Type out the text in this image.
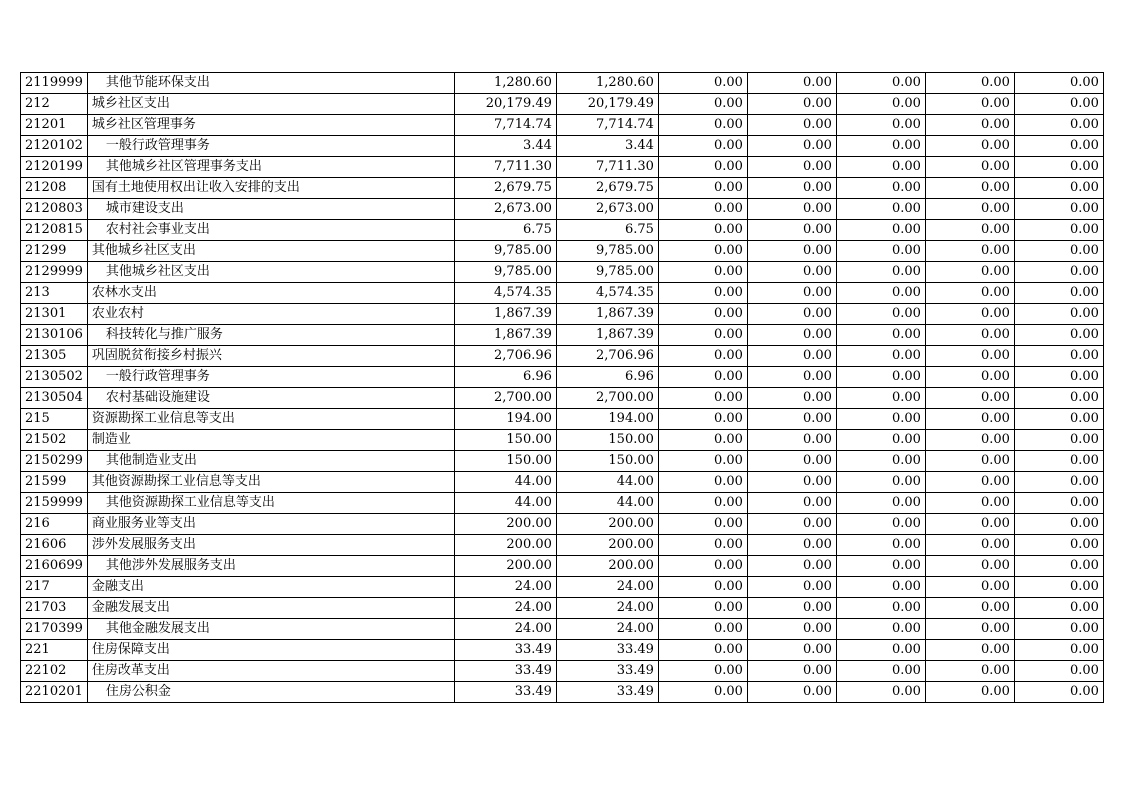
2119999	其他节能环保支出	1,280.60	1,280.60	0.00	0.00	0.00	0.00	0.00
212	城乡社区支出	20,179.49	20,179.49	0.00	0.00	0.00	0.00	0.00
21201	城乡社区管理事务	7,714.74	7,714.74	0.00	0.00	0.00	0.00	0.00
2120102	一般行政管理事务	3.44	3.44	0.00	0.00	0.00	0.00	0.00
2120199	其他城乡社区管理事务支出	7,711.30	7,711.30	0.00	0.00	0.00	0.00	0.00
21208	国有土地使用权出让收入安排的支出	2,679.75	2,679.75	0.00	0.00	0.00	0.00	0.00
2120803	城市建设支出	2,673.00	2,673.00	0.00	0.00	0.00	0.00	0.00
2120815	农村社会事业支出	6.75	6.75	0.00	0.00	0.00	0.00	0.00
21299	其他城乡社区支出	9,785.00	9,785.00	0.00	0.00	0.00	0.00	0.00
2129999	其他城乡社区支出	9,785.00	9,785.00	0.00	0.00	0.00	0.00	0.00
213	农林水支出	4,574.35	4,574.35	0.00	0.00	0.00	0.00	0.00
21301	农业农村	1,867.39	1,867.39	0.00	0.00	0.00	0.00	0.00
2130106	科技转化与推广服务	1,867.39	1,867.39	0.00	0.00	0.00	0.00	0.00
21305	巩固脱贫衔接乡村振兴	2,706.96	2,706.96	0.00	0.00	0.00	0.00	0.00
2130502	一般行政管理事务	6.96	6.96	0.00	0.00	0.00	0.00	0.00
2130504	农村基础设施建设	2,700.00	2,700.00	0.00	0.00	0.00	0.00	0.00
215	资源勘探工业信息等支出	194.00	194.00	0.00	0.00	0.00	0.00	0.00
21502	制造业	150.00	150.00	0.00	0.00	0.00	0.00	0.00
2150299	其他制造业支出	150.00	150.00	0.00	0.00	0.00	0.00	0.00
21599	其他资源勘探工业信息等支出	44.00	44.00	0.00	0.00	0.00	0.00	0.00
2159999	其他资源勘探工业信息等支出	44.00	44.00	0.00	0.00	0.00	0.00	0.00
216	商业服务业等支出	200.00	200.00	0.00	0.00	0.00	0.00	0.00
21606	涉外发展服务支出	200.00	200.00	0.00	0.00	0.00	0.00	0.00
2160699	其他涉外发展服务支出	200.00	200.00	0.00	0.00	0.00	0.00	0.00
217	金融支出	24.00	24.00	0.00	0.00	0.00	0.00	0.00
21703	金融发展支出	24.00	24.00	0.00	0.00	0.00	0.00	0.00
2170399	其他金融发展支出	24.00	24.00	0.00	0.00	0.00	0.00	0.00
221	住房保障支出	33.49	33.49	0.00	0.00	0.00	0.00	0.00
22102	住房改革支出	33.49	33.49	0.00	0.00	0.00	0.00	0.00
2210201	住房公积金	33.49	33.49	0.00	0.00	0.00	0.00	0.00
